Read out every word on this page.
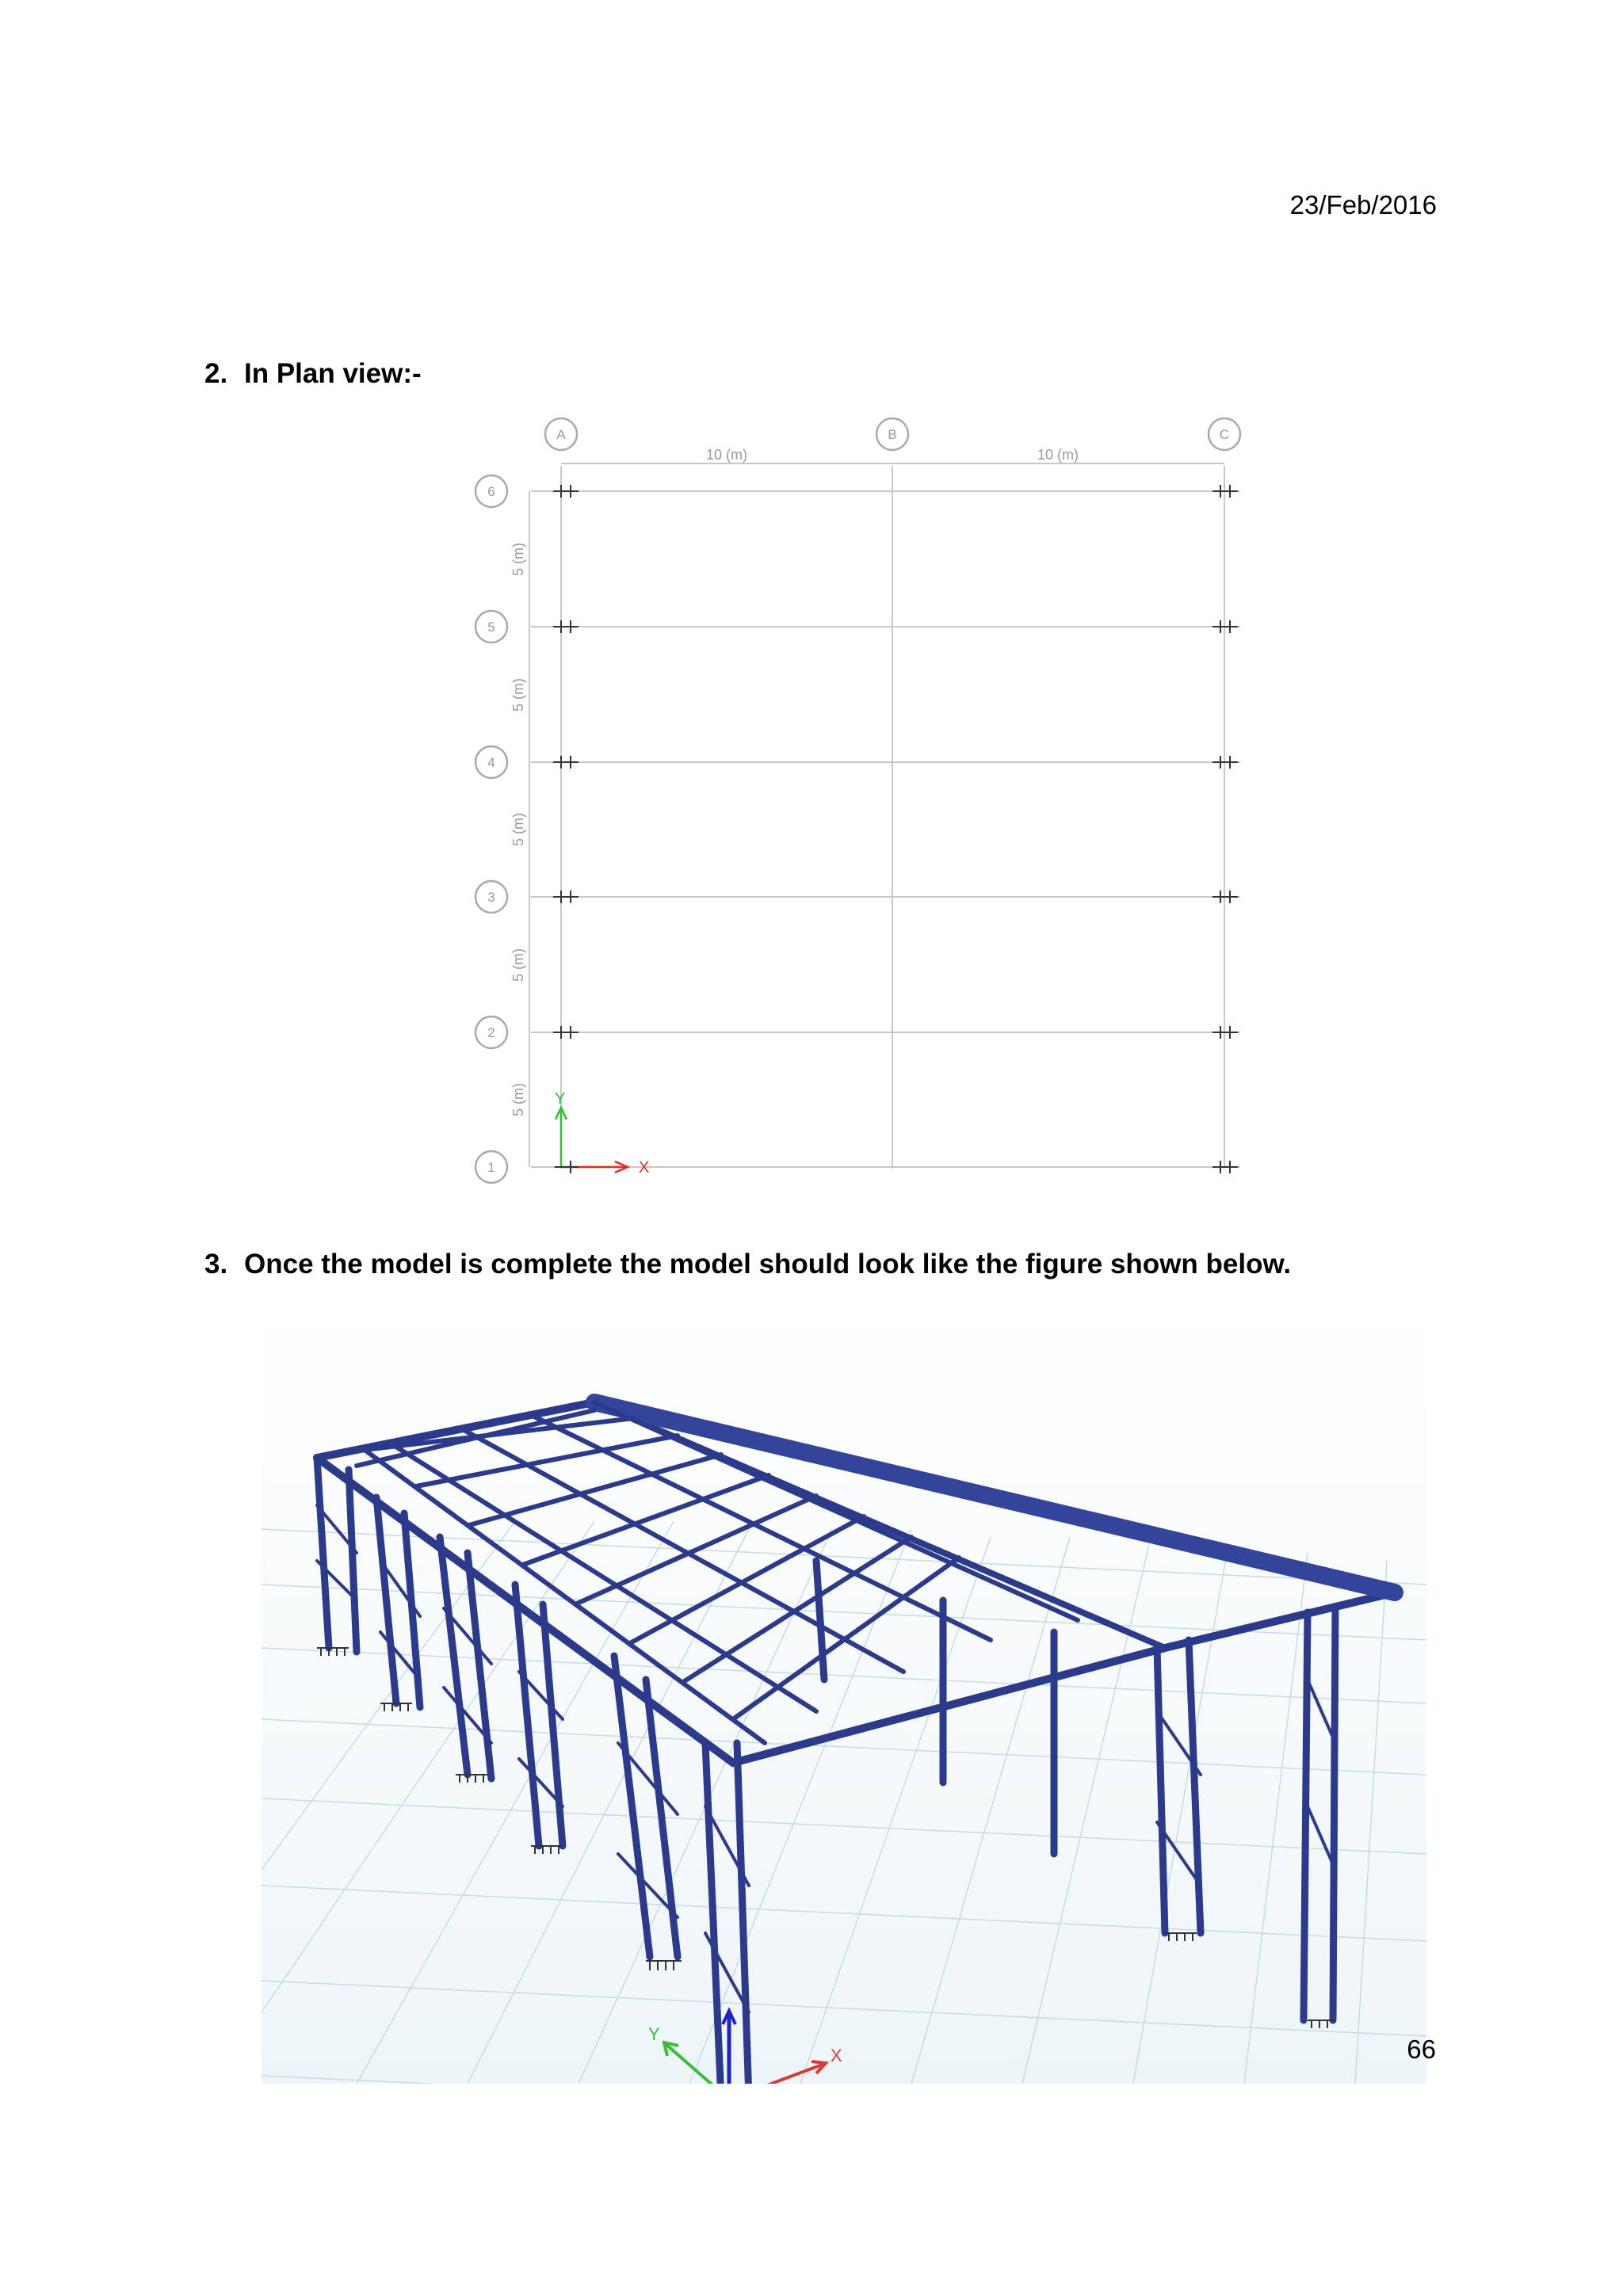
23/Feb/2016

2. In Plan view:-

A	B	C
6
5
4
3
2
1
10 (m)	10 (m)
5 (m)
5 (m)
5 (m)
5 (m)
5 (m)
X
Y

3. Once the model is complete the model should look like the figure shown below.

Y
X	66
